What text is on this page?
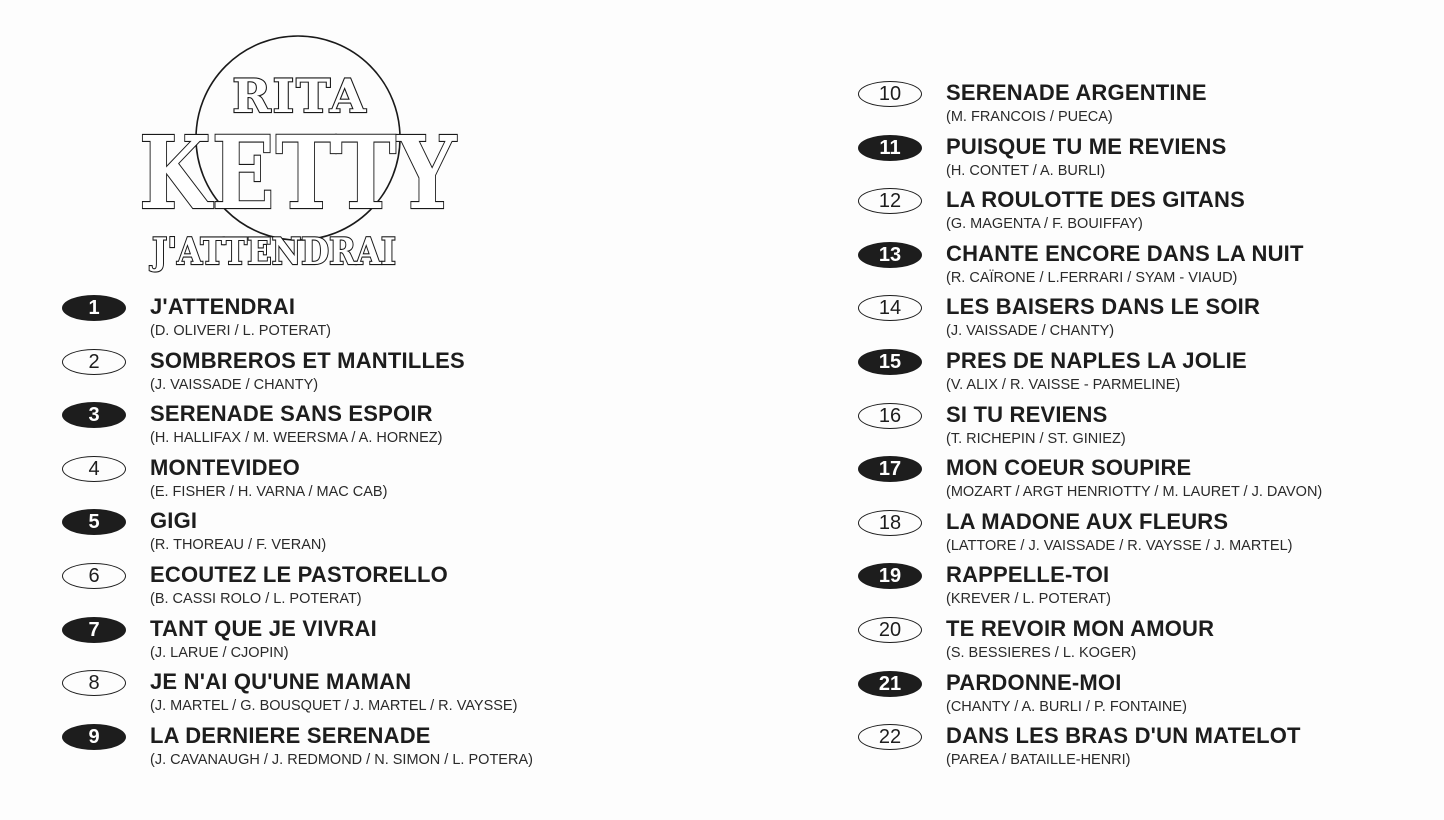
RITA
KETTY
J'ATTENDRAI
1	J'ATTENDRAI
(D. OLIVERI / L. POTERAT)
2	SOMBREROS ET MANTILLES
(J. VAISSADE / CHANTY)
3	SERENADE SANS ESPOIR
(H. HALLIFAX / M. WEERSMA / A. HORNEZ)
4	MONTEVIDEO
(E. FISHER / H. VARNA / MAC CAB)
5	GIGI
(R. THOREAU / F. VERAN)
6	ECOUTEZ LE PASTORELLO
(B. CASSI ROLO / L. POTERAT)
7	TANT QUE JE VIVRAI
(J. LARUE / CJOPIN)
8	JE N'AI QU'UNE MAMAN
(J. MARTEL / G. BOUSQUET / J. MARTEL / R. VAYSSE)
9	LA DERNIERE SERENADE
(J. CAVANAUGH / J. REDMOND / N. SIMON / L. POTERA)
10	SERENADE ARGENTINE
(M. FRANCOIS / PUECA)
11	PUISQUE TU ME REVIENS
(H. CONTET / A. BURLI)
12	LA ROULOTTE DES GITANS
(G. MAGENTA / F. BOUIFFAY)
13	CHANTE ENCORE DANS LA NUIT
(R. CAÏRONE / L.FERRARI / SYAM - VIAUD)
14	LES BAISERS DANS LE SOIR
(J. VAISSADE / CHANTY)
15	PRES DE NAPLES LA JOLIE
(V. ALIX / R. VAISSE - PARMELINE)
16	SI TU REVIENS
(T. RICHEPIN / ST. GINIEZ)
17	MON COEUR SOUPIRE
(MOZART / ARGT HENRIOTTY / M. LAURET / J. DAVON)
18	LA MADONE AUX FLEURS
(LATTORE / J. VAISSADE / R. VAYSSE / J. MARTEL)
19	RAPPELLE-TOI
(KREVER / L. POTERAT)
20	TE REVOIR MON AMOUR
(S. BESSIERES / L. KOGER)
21	PARDONNE-MOI
(CHANTY / A. BURLI / P. FONTAINE)
22	DANS LES BRAS D'UN MATELOT
(PAREA / BATAILLE-HENRI)
